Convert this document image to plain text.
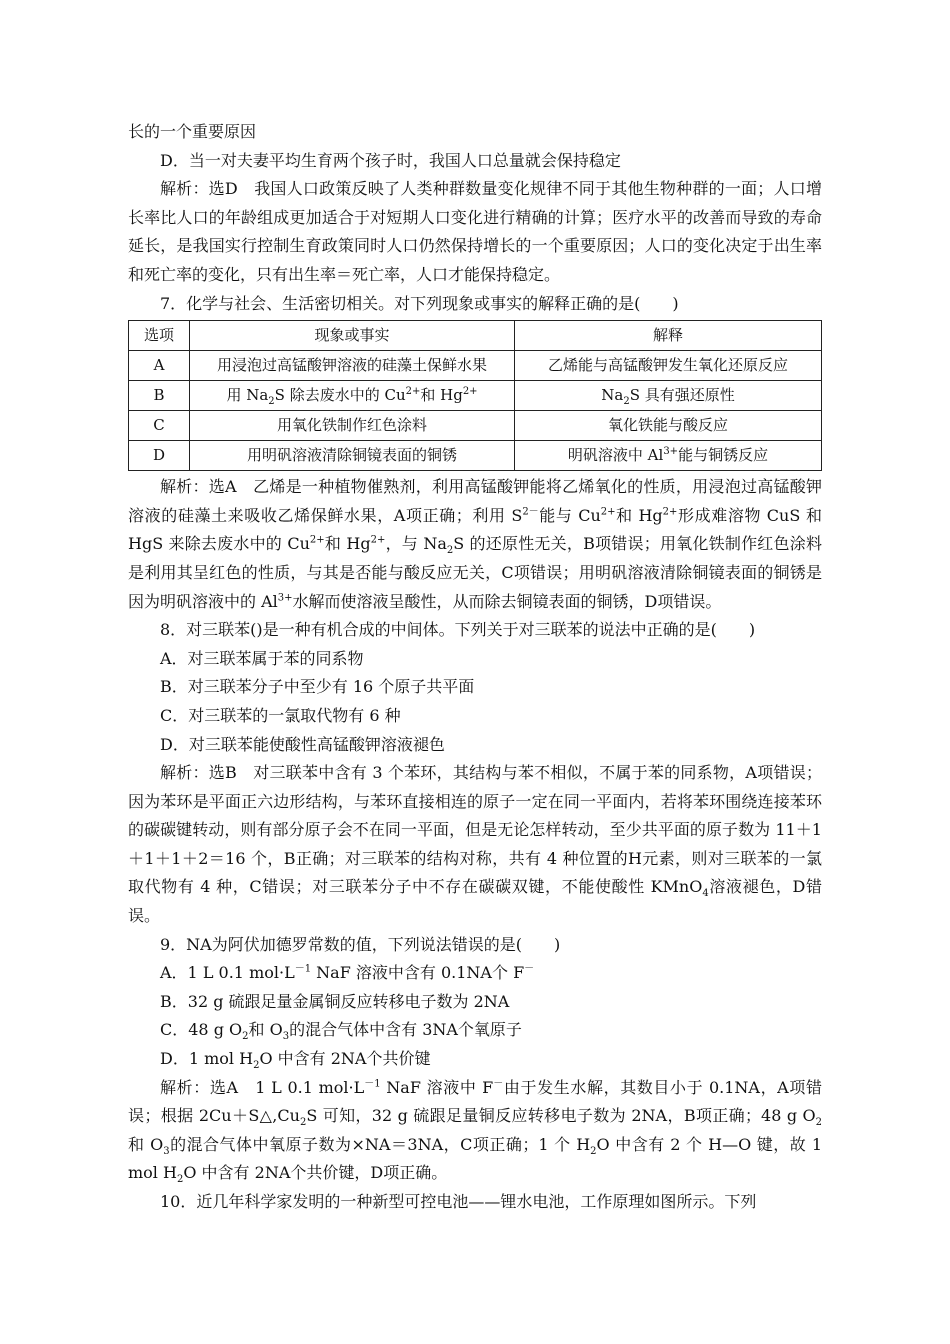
长的一个重要原因

D．当一对夫妻平均生育两个孩子时，我国人口总量就会保持稳定

解析：选D　我国人口政策反映了人类种群数量变化规律不同于其他生物种群的一面；人口增长率比人口的年龄组成更加适合于对短期人口变化进行精确的计算；医疗水平的改善而导致的寿命延长，是我国实行控制生育政策同时人口仍然保持增长的一个重要原因；人口的变化决定于出生率和死亡率的变化，只有出生率＝死亡率，人口才能保持稳定。

7．化学与社会、生活密切相关。对下列现象或事实的解释正确的是(　　)

选项	现象或事实	解释
A	用浸泡过高锰酸钾溶液的硅藻土保鲜水果	乙烯能与高锰酸钾发生氧化还原反应
B	用 $Na_2S$ 除去废水中的 $Cu^{2+}$和 $Hg^{2+}$	$Na_2S$ 具有强还原性
C	用氧化铁制作红色涂料	氧化铁能与酸反应
D	用明矾溶液清除铜镜表面的铜锈	明矾溶液中 $Al^{3+}$能与铜锈反应

解析：选A　乙烯是一种植物催熟剂，利用高锰酸钾能将乙烯氧化的性质，用浸泡过高锰酸钾溶液的硅藻土来吸收乙烯保鲜水果，A项正确；利用 $S^{2-}$能与 $Cu^{2+}$和 $Hg^{2+}$形成难溶物 CuS 和 HgS 来除去废水中的 $Cu^{2+}$和 $Hg^{2+}$，与 $Na_2S$ 的还原性无关，B项错误；用氧化铁制作红色涂料是利用其呈红色的性质，与其是否能与酸反应无关，C项错误；用明矾溶液清除铜镜表面的铜锈是因为明矾溶液中的 $Al^{3+}$水解而使溶液呈酸性，从而除去铜镜表面的铜锈，D项错误。

8．对三联苯()是一种有机合成的中间体。下列关于对三联苯的说法中正确的是(　　)

A．对三联苯属于苯的同系物

B．对三联苯分子中至少有 16 个原子共平面

C．对三联苯的一氯取代物有 6 种

D．对三联苯能使酸性高锰酸钾溶液褪色

解析：选B　对三联苯中含有 3 个苯环，其结构与苯不相似，不属于苯的同系物，A项错误；因为苯环是平面正六边形结构，与苯环直接相连的原子一定在同一平面内，若将苯环围绕连接苯环的碳碳键转动，则有部分原子会不在同一平面，但是无论怎样转动，至少共平面的原子数为 11＋1＋1＋1＋2＝16 个，B正确；对三联苯的结构对称，共有 4 种位置的H元素，则对三联苯的一氯取代物有 4 种，C错误；对三联苯分子中不存在碳碳双键，不能使酸性 KMnO$_4$溶液褪色，D错误。

9．NA为阿伏加德罗常数的值，下列说法错误的是(　　)

A．1 L 0.1 $mol\cdot L^{-1}$ NaF 溶液中含有 0.1NA个 F－

B．32 g 硫跟足量金属铜反应转移电子数为 2NA

C．48 g $O_2$和 $O_3$的混合气体中含有 3NA个氧原子

D．1 mol $H_2O$ 中含有 2NA个共价键

解析：选A　1 L 0.1 $mol\cdot L^{-1}$ NaF 溶液中 F－由于发生水解，其数目小于 0.1NA，A项错误；根据 $2Cu+S\triangle,Cu_2S$ 可知，32 g 硫跟足量铜反应转移电子数为 2NA，B项正确；48 g $O_2$和 $O_3$的混合气体中氧原子数为×NA＝3NA，C项正确；1 个 $H_2O$ 中含有 2 个 H—O 键，故 1 mol $H_2O$ 中含有 2NA个共价键，D项正确。

10．近几年科学家发明的一种新型可控电池——锂水电池，工作原理如图所示。下列
